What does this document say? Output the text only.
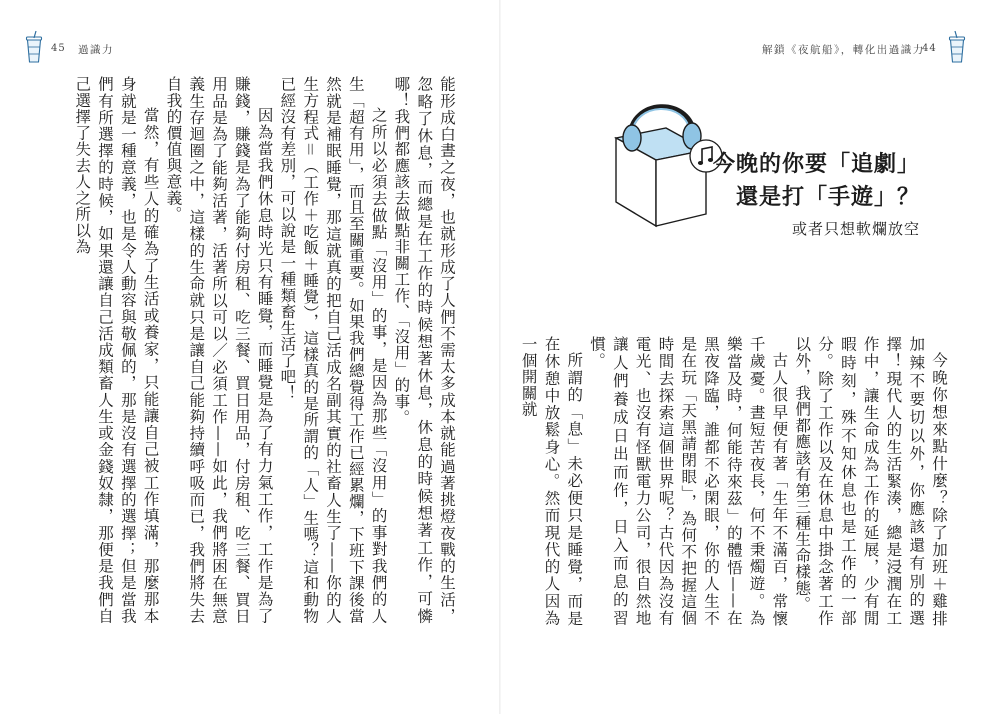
45 過識力

能形成白晝之夜，也就形成了人們不需太多成本就能過著挑燈夜戰的生活，忽略了休息，而總是在工作的時候想著休息，休息的時候想著工作，可憐哪！我們都應該去做點非關工作、「沒用」的事。

之所以必須去做點「沒用」的事，是因為那些「沒用」的事對我們的人生「超有用」，而且至關重要。如果我們總覺得工作已經累爛，下班下課後當然就是補眠睡覺，那這就真的把自己活成名副其實的社畜人生了——你的人生方程式＝（工作＋吃飯＋睡覺），這樣真的是所謂的「人」生嗎？這和動物已經沒有差別，可以說是一種類畜生活了吧！

因為當我們休息時光只有睡覺，而睡覺是為了有力氣工作，工作是為了賺錢，賺錢是為了能夠付房租、吃三餐、買日用品，付房租、吃三餐、買日用品是為了能夠活著，活著所以可以／必須工作——如此，我們將困在無意義生存迴圈之中，這樣的生命就只是讓自己能夠持續呼吸而已，我們將失去自我的價值與意義。

當然，有些人的確為了生活或養家，只能讓自己被工作填滿，那麼那本身就是一種意義，也是令人動容與敬佩的，那是沒有選擇的選擇；但是當我們有所選擇的時候，如果還讓自己活成類畜人生或金錢奴隸，那便是我們自己選擇了失去人之所以為

解鎖《夜航船》，轉化出過識力
44
今晚的你要「追劇」
還是打「手遊」？
或者只想軟爛放空

今晚你想來點什麼？除了加班＋雞排加辣不要切以外，你應該還有別的選擇！現代人的生活緊湊，總是浸潤在工作中，讓生命成為工作的延展，少有閒暇時刻，殊不知休息也是工作的一部分。除了工作以及在休息中掛念著工作以外，我們都應該有第三種生命樣態。

古人很早便有著「生年不滿百，常懷千歲憂。晝短苦夜長，何不秉燭遊。為樂當及時，何能待來茲」的體悟——在黑夜降臨，誰都不必閑眼，你的人生不是在玩「天黑請閉眼」，為何不把握這個時間去探索這個世界呢？古代因為沒有電光、也沒有怪獸電力公司，很自然地讓人們養成日出而作，日入而息的習慣。

所謂的「息」未必便只是睡覺，而是在休憩中放鬆身心。然而現代的人因為一個開關就
